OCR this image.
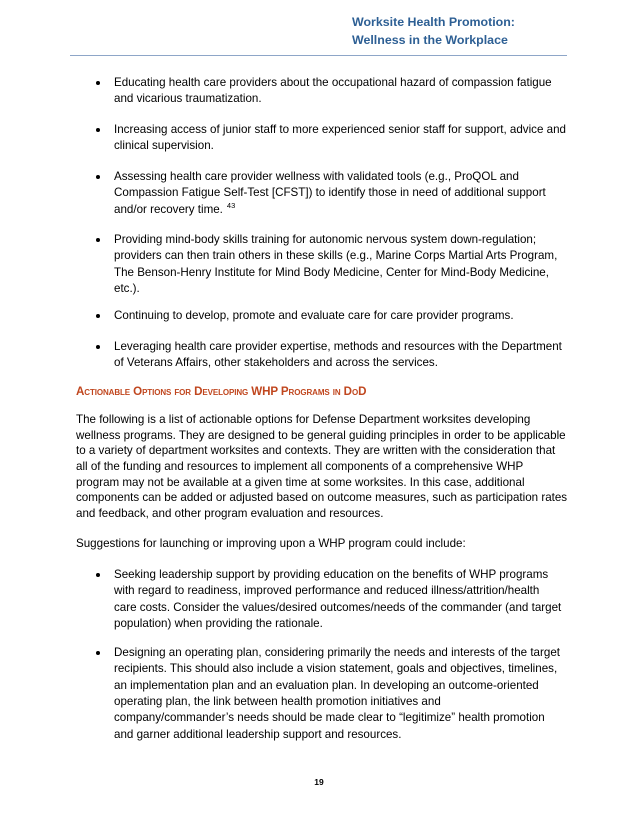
Worksite Health Promotion:
Wellness in the Workplace
Educating health care providers about the occupational hazard of compassion fatigue
and vicarious traumatization.
Increasing access of junior staff to more experienced senior staff for support, advice and
clinical supervision.
Assessing health care provider wellness with validated tools (e.g., ProQOL and
Compassion Fatigue Self-Test [CFST]) to identify those in need of additional support
and/or recovery time. $^{43}$
Providing mind-body skills training for autonomic nervous system down-regulation;
providers can then train others in these skills (e.g., Marine Corps Martial Arts Program,
The Benson-Henry Institute for Mind Body Medicine, Center for Mind-Body Medicine,
etc.).
Continuing to develop, promote and evaluate care for care provider programs.
Leveraging health care provider expertise, methods and resources with the Department
of Veterans Affairs, other stakeholders and across the services.
Actionable Options for Developing WHP Programs in DoD
The following is a list of actionable options for Defense Department worksites developing
wellness programs. They are designed to be general guiding principles in order to be applicable
to a variety of department worksites and contexts. They are written with the consideration that
all of the funding and resources to implement all components of a comprehensive WHP
program may not be available at a given time at some worksites. In this case, additional
components can be added or adjusted based on outcome measures, such as participation rates
and feedback, and other program evaluation and resources.
Suggestions for launching or improving upon a WHP program could include:
Seeking leadership support by providing education on the benefits of WHP programs
with regard to readiness, improved performance and reduced illness/attrition/health
care costs. Consider the values/desired outcomes/needs of the commander (and target
population) when providing the rationale.
Designing an operating plan, considering primarily the needs and interests of the target
recipients. This should also include a vision statement, goals and objectives, timelines,
an implementation plan and an evaluation plan. In developing an outcome-oriented
operating plan, the link between health promotion initiatives and
company/commander’s needs should be made clear to “legitimize” health promotion
and garner additional leadership support and resources.
19
